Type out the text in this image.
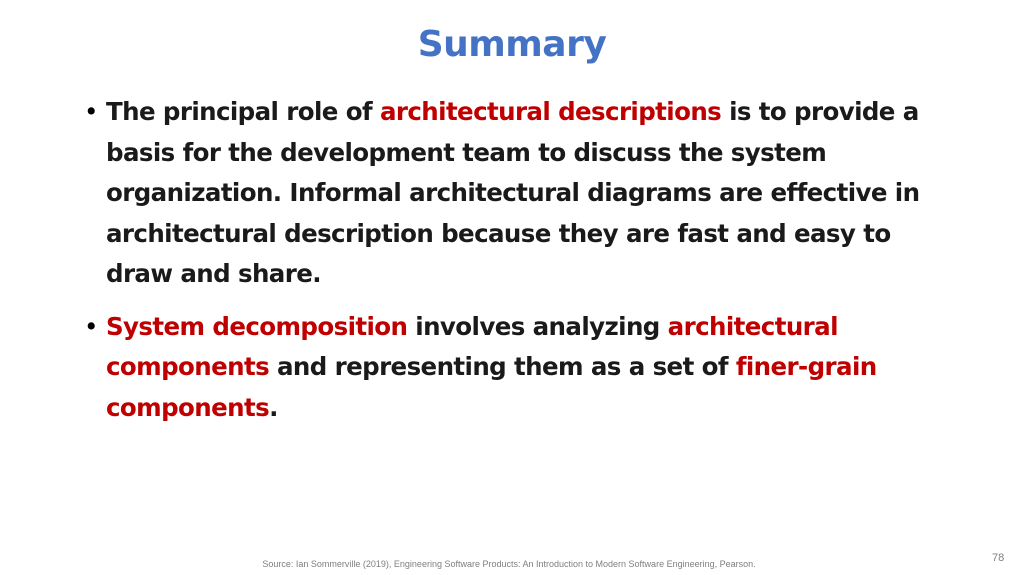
Summary
• The principal role of architectural descriptions is to provide a basis for the development team to discuss the system organization. Informal architectural diagrams are effective in architectural description because they are fast and easy to draw and share.
• System decomposition involves analyzing architectural components and representing them as a set of finer-grain components.
Source: Ian Sommerville (2019), Engineering Software Products: An Introduction to Modern Software Engineering, Pearson.	78
